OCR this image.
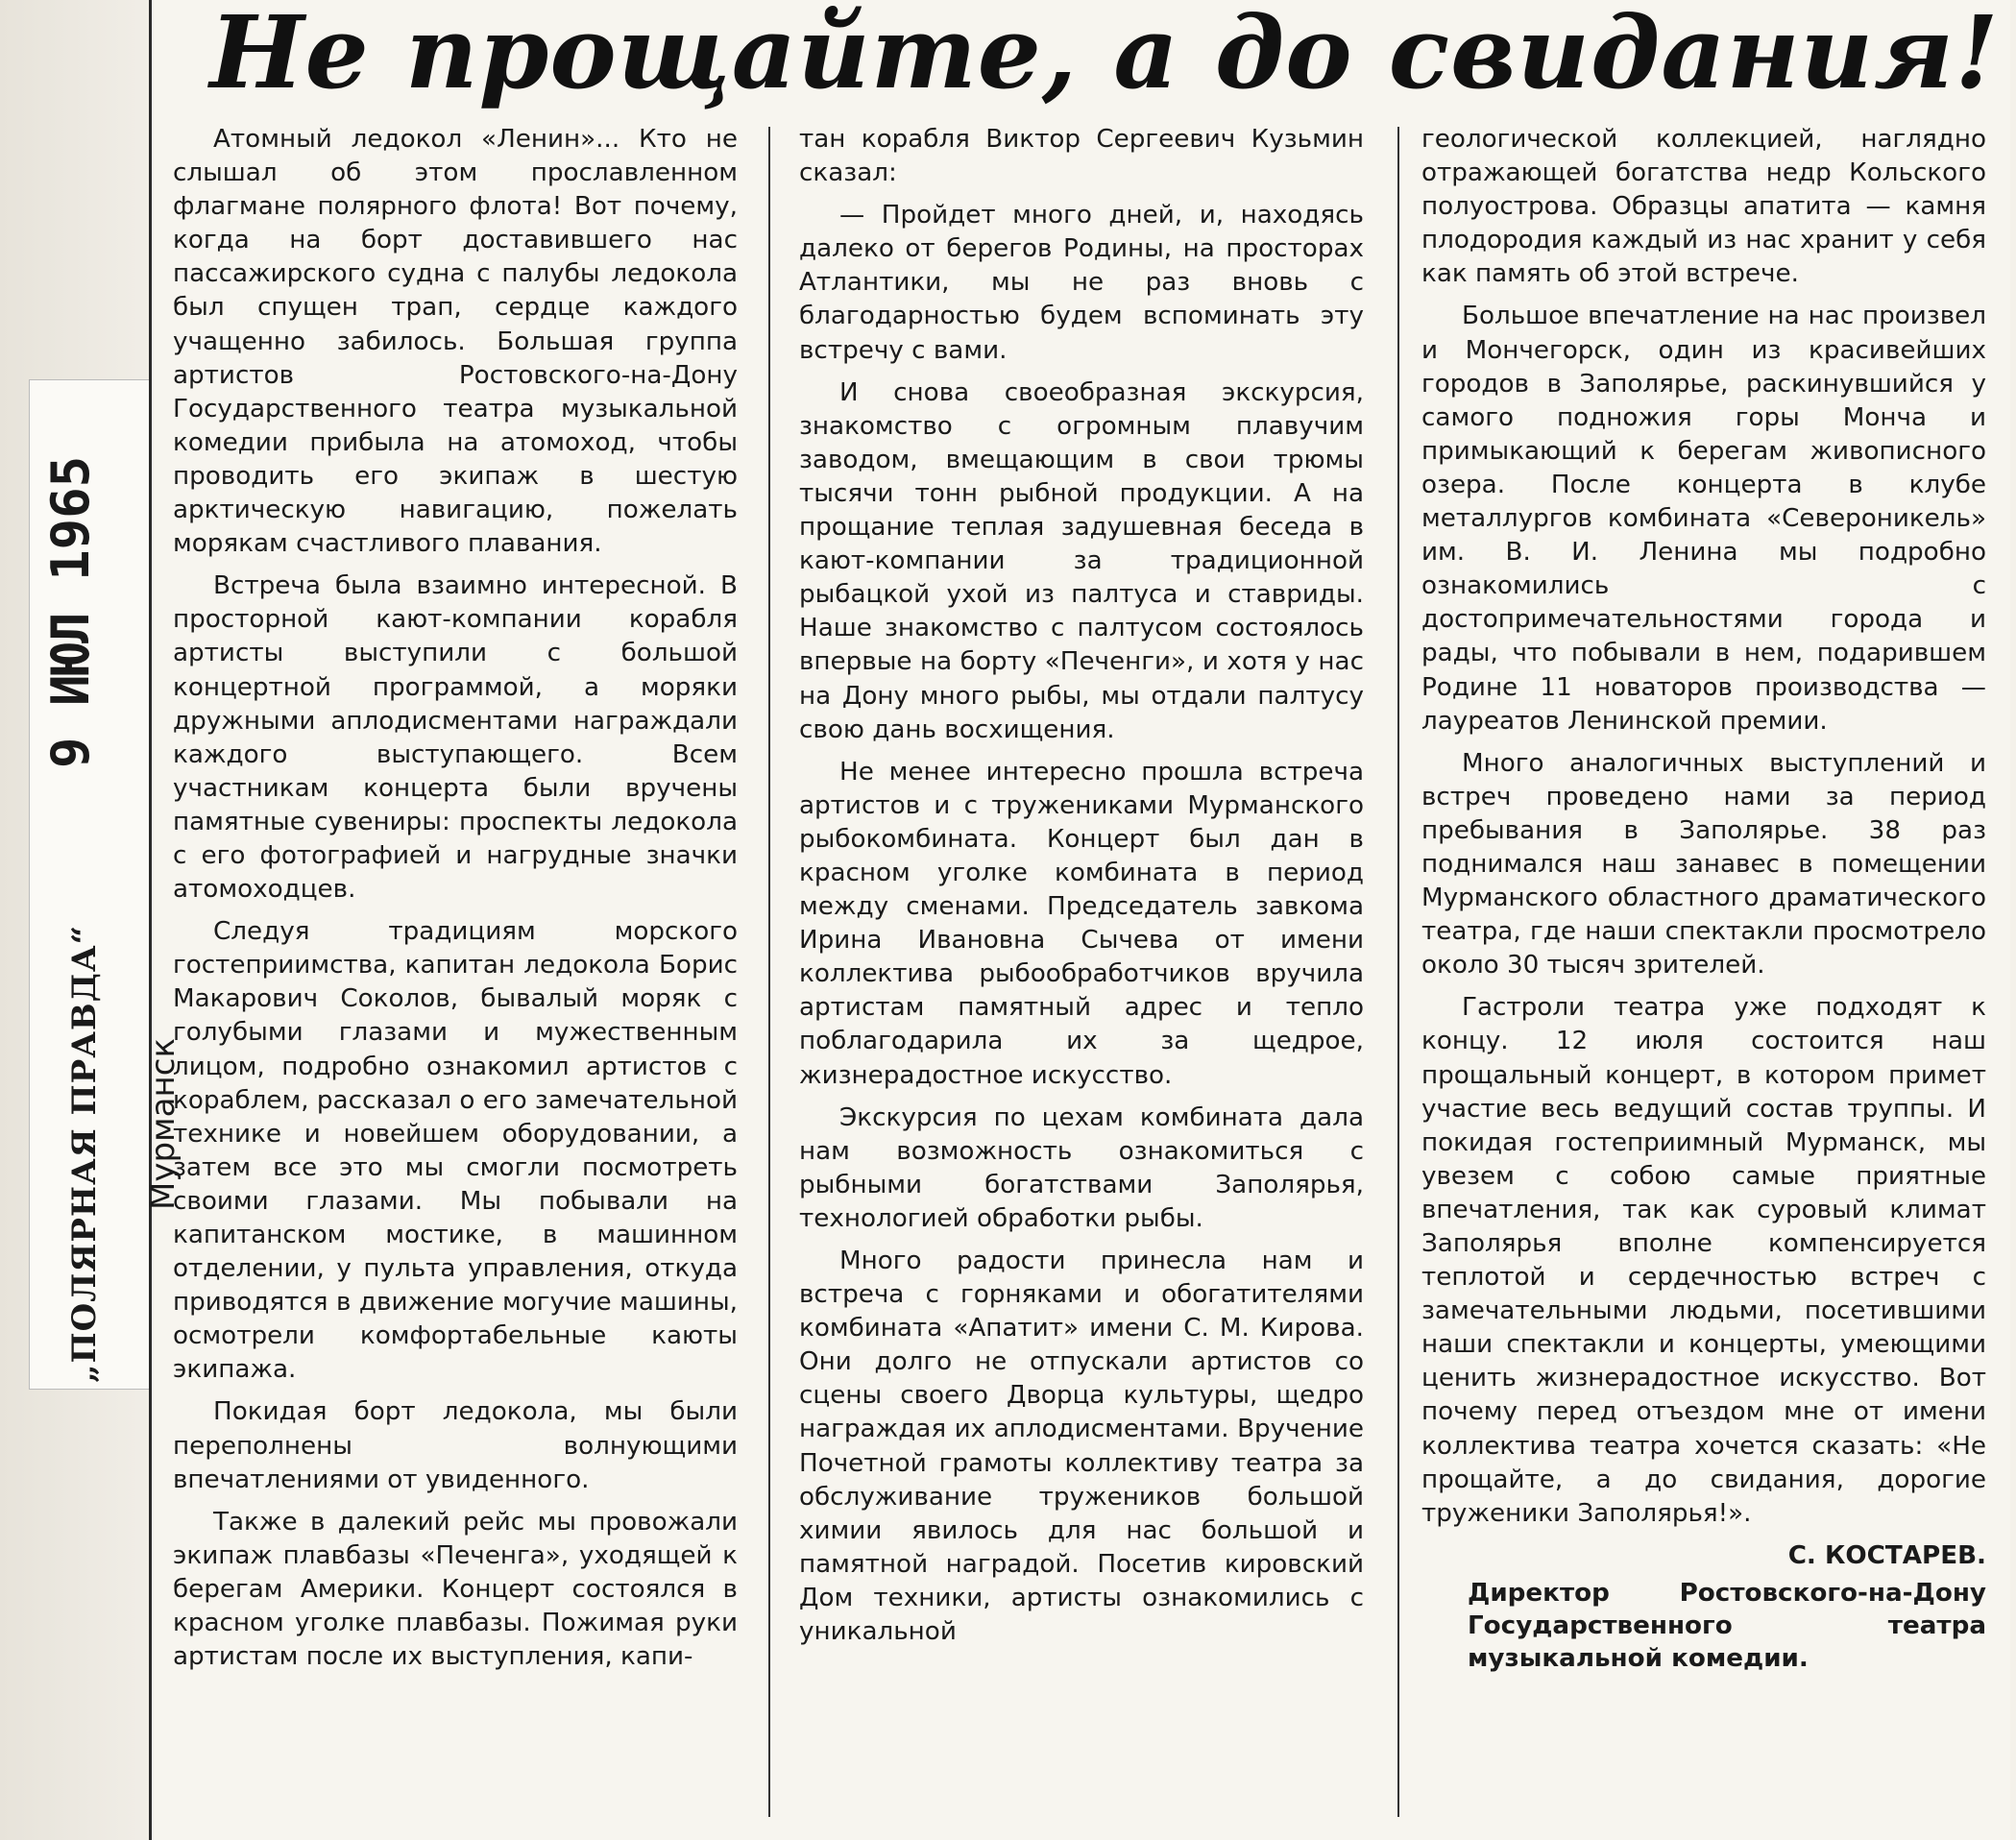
„ПОЛЯРНАЯ ПРАВДА“ Мурманск
9 ИЮЛ 1965
Не прощайте, а до свидания!

Атомный ледокол «Ленин»... Кто не слышал об этом прославленном флагмане полярного флота! Вот почему, когда на борт доставившего нас пассажирского судна с палубы ледокола был спущен трап, сердце каждого учащенно забилось. Большая группа артистов Ростовского-на-Дону Государственного театра музыкальной комедии прибыла на атомоход, чтобы проводить его экипаж в шестую арктическую навигацию, пожелать морякам счастливого плавания.

Встреча была взаимно интересной. В просторной кают-компании корабля артисты выступили с большой концертной программой, а моряки дружными аплодисментами награждали каждого выступающего. Всем участникам концерта были вручены памятные сувениры: проспекты ледокола с его фотографией и нагрудные значки атомоходцев.

Следуя традициям морского гостеприимства, капитан ледокола Борис Макарович Соколов, бывалый моряк с голубыми глазами и мужественным лицом, подробно ознакомил артистов с кораблем, рассказал о его замечательной технике и новейшем оборудовании, а затем все это мы смогли посмотреть своими глазами. Мы побывали на капитанском мостике, в машинном отделении, у пульта управления, откуда приводятся в движение могучие машины, осмотрели комфортабельные каюты экипажа.

Покидая борт ледокола, мы были переполнены волнующими впечатлениями от увиденного.

Также в далекий рейс мы провожали экипаж плавбазы «Печенга», уходящей к берегам Америки. Концерт состоялся в красном уголке плавбазы. Пожимая руки артистам после их выступления, капи-

тан корабля Виктор Сергеевич Кузьмин сказал:

— Пройдет много дней, и, находясь далеко от берегов Родины, на просторах Атлантики, мы не раз вновь с благодарностью будем вспоминать эту встречу с вами.

И снова своеобразная экскурсия, знакомство с огромным плавучим заводом, вмещающим в свои трюмы тысячи тонн рыбной продукции. А на прощание теплая задушевная беседа в кают-компании за традиционной рыбацкой ухой из палтуса и ставриды. Наше знакомство с палтусом состоялось впервые на борту «Печенги», и хотя у нас на Дону много рыбы, мы отдали палтусу свою дань восхищения.

Не менее интересно прошла встреча артистов и с тружениками Мурманского рыбокомбината. Концерт был дан в красном уголке комбината в период между сменами. Председатель завкома Ирина Ивановна Сычева от имени коллектива рыбообработчиков вручила артистам памятный адрес и тепло поблагодарила их за щедрое, жизнерадостное искусство.

Экскурсия по цехам комбината дала нам возможность ознакомиться с рыбными богатствами Заполярья, технологией обработки рыбы.

Много радости принесла нам и встреча с горняками и обогатителями комбината «Апатит» имени С. М. Кирова. Они долго не отпускали артистов со сцены своего Дворца культуры, щедро награждая их аплодисментами. Вручение Почетной грамоты коллективу театра за обслуживание тружеников большой химии явилось для нас большой и памятной наградой. Посетив кировский Дом техники, артисты ознакомились с уникальной

геологической коллекцией, наглядно отражающей богатства недр Кольского полуострова. Образцы апатита — камня плодородия каждый из нас хранит у себя как память об этой встрече.

Большое впечатление на нас произвел и Мончегорск, один из красивейших городов в Заполярье, раскинувшийся у самого подножия горы Монча и примыкающий к берегам живописного озера. После концерта в клубе металлургов комбината «Североникель» им. В. И. Ленина мы подробно ознакомились с достопримечательностями города и рады, что побывали в нем, подарившем Родине 11 новаторов производства — лауреатов Ленинской премии.

Много аналогичных выступлений и встреч проведено нами за период пребывания в Заполярье. 38 раз поднимался наш занавес в помещении Мурманского областного драматического театра, где наши спектакли просмотрело около 30 тысяч зрителей.

Гастроли театра уже подходят к концу. 12 июля состоится наш прощальный концерт, в котором примет участие весь ведущий состав труппы. И покидая гостеприимный Мурманск, мы увезем с собою самые приятные впечатления, так как суровый климат Заполярья вполне компенсируется теплотой и сердечностью встреч с замечательными людьми, посетившими наши спектакли и концерты, умеющими ценить жизнерадостное искусство. Вот почему перед отъездом мне от имени коллектива театра хочется сказать: «Не прощайте, а до свидания, дорогие труженики Заполярья!».

С. КОСТАРЕВ.
Директор Ростовского-на-Дону Государственного театра музыкальной комедии.
